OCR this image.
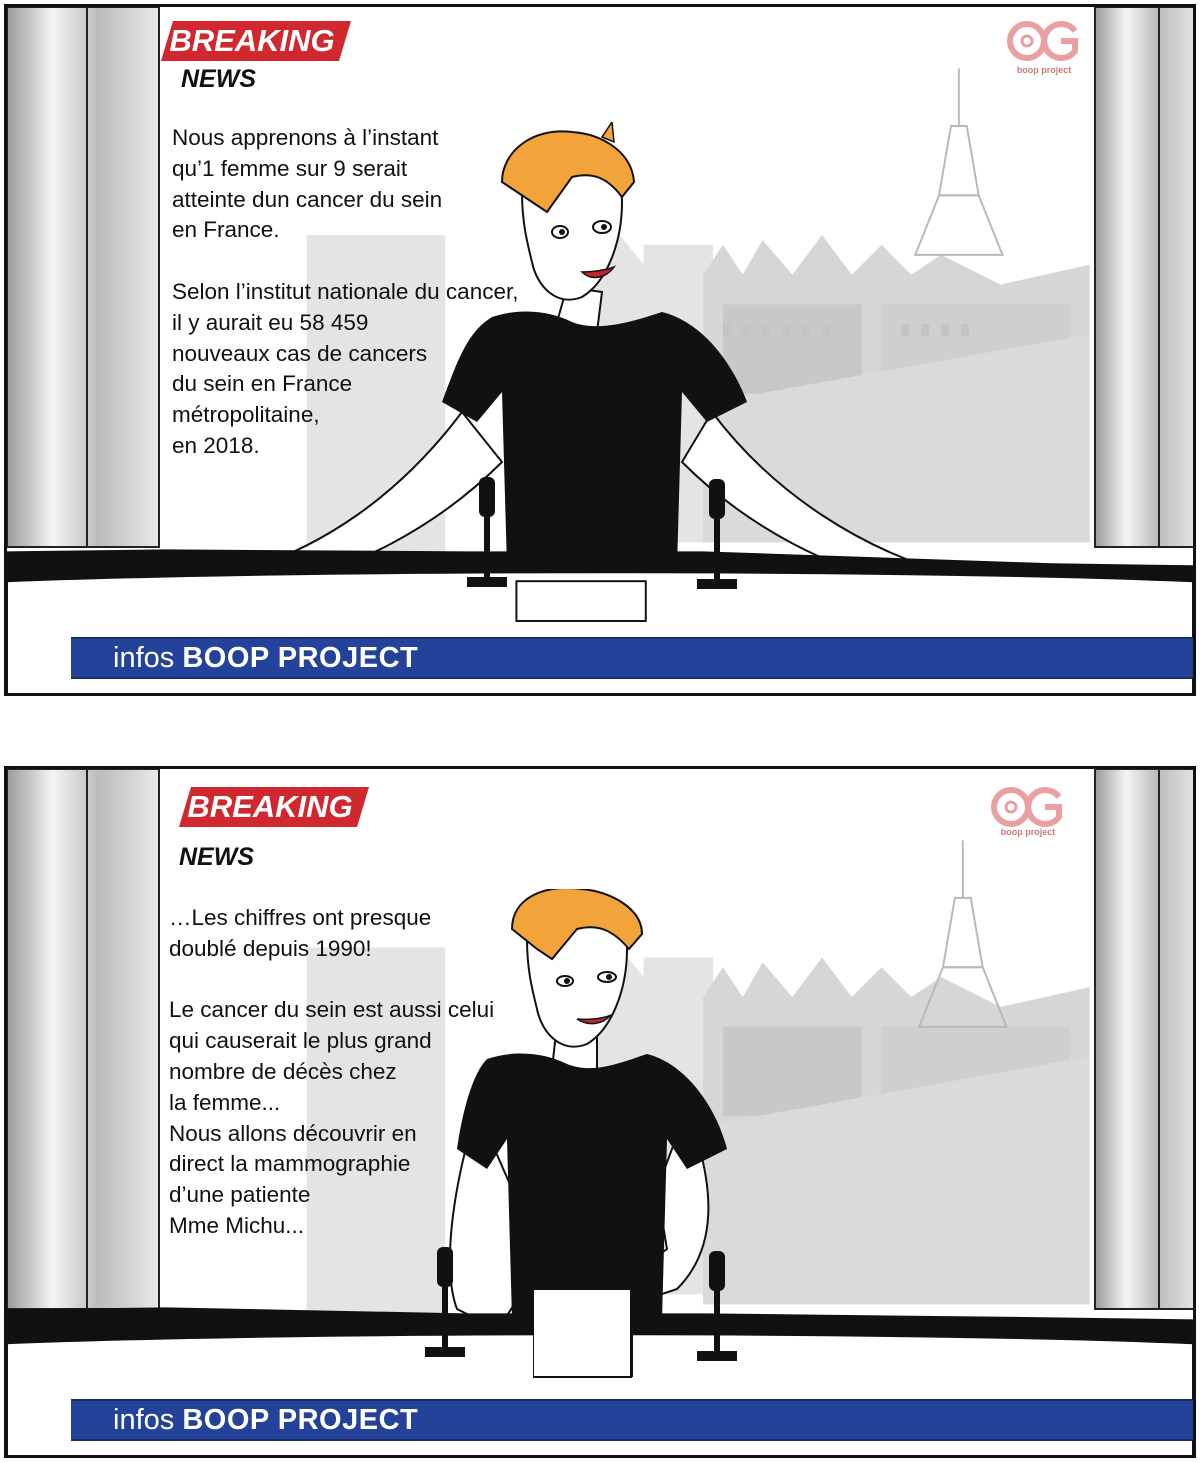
BREAKING
NEWS	boop project
Nous apprenons à l’instant
qu’1 femme sur 9 serait
atteinte dun cancer du sein
en France.

Selon l’institut nationale du cancer,
il y aurait eu 58 459
nouveaux cas de cancers
du sein en France
métropolitaine,
en 2018.
infos BOOP PROJECT
BREAKING
NEWS
boop project
…Les chiffres ont presque
doublé depuis 1990!

Le cancer du sein est aussi celui
qui causerait le plus grand
nombre de décès chez
la femme...
Nous allons découvrir en
direct la mammographie
d’une patiente
Mme Michu...
infos BOOP PROJECT
